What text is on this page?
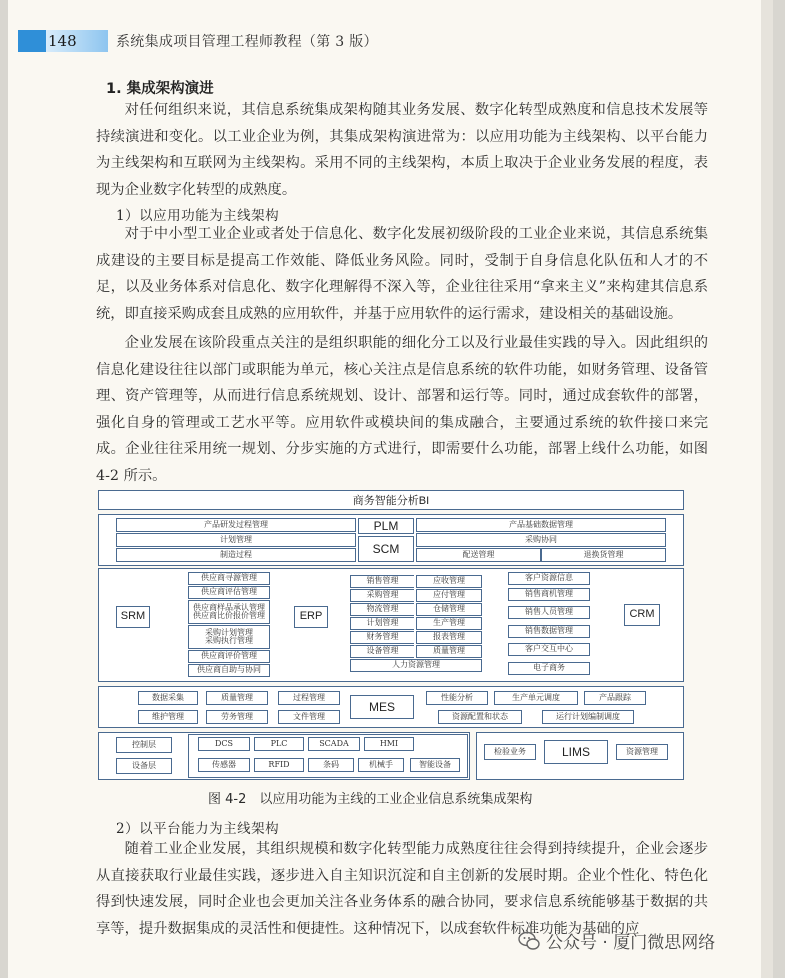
148	系统集成项目管理工程师教程（第 3 版）
1. 集成架构演进

对任何组织来说，其信息系统集成架构随其业务发展、数字化转型成熟度和信息技术发展等持续演进和变化。以工业企业为例，其集成架构演进常为：以应用功能为主线架构、以平台能力为主线架构和互联网为主线架构。采用不同的主线架构，本质上取决于企业业务发展的程度，表现为企业数字化转型的成熟度。

1）以应用功能为主线架构

对于中小型工业企业或者处于信息化、数字化发展初级阶段的工业企业来说，其信息系统集成建设的主要目标是提高工作效能、降低业务风险。同时，受制于自身信息化队伍和人才的不足，以及业务体系对信息化、数字化理解得不深入等，企业往往采用“拿来主义”来构建其信息系统，即直接采购成套且成熟的应用软件，并基于应用软件的运行需求，建设相关的基础设施。

企业发展在该阶段重点关注的是组织职能的细化分工以及行业最佳实践的导入。因此组织的信息化建设往往以部门或职能为单元，核心关注点是信息系统的软件功能，如财务管理、设备管理、资产管理等，从而进行信息系统规划、设计、部署和运行等。同时，通过成套软件的部署，强化自身的管理或工艺水平等。应用软件或模块间的集成融合，主要通过系统的软件接口来完成。企业往往采用统一规划、分步实施的方式进行，即需要什么功能，部署上线什么功能，如图 4-2 所示。

商务智能分析BI
产品研发过程管理
计划管理
制造过程
PLM
SCM
产品基础数据管理
采购协同
配送管理	退换货管理
SRM
供应商寻源管理
供应商评估管理
供应商样品承认管理
供应商比价报价管理
采购计划管理
采购执行管理
供应商评价管理
供应商自助与协同
ERP
客户资源信息
销售商机管理
销售人员管理
销售数据管理
客户交互中心
电子商务
CRM
数据采集	质量管理	过程管理
MES
性能分析	生产单元调度	产品跟踪
维护管理	劳务管理	文件管理	资源配置和状态	运行计划编制调度
控制层
设备层
DCS	PLC	SCADA	HMI
传感器	RFID	条码	机械手	智能设备
检验业务	LIMS	资源管理
销售管理	应收管理
采购管理	应付管理
物流管理	仓储管理
计划管理	生产管理
财务管理	报表管理
设备管理	质量管理
人力资源管理
图 4-2　以应用功能为主线的工业企业信息系统集成架构
2）以平台能力为主线架构

随着工业企业发展，其组织规模和数字化转型能力成熟度往往会得到持续提升，企业会逐步从直接获取行业最佳实践，逐步进入自主知识沉淀和自主创新的发展时期。企业个性化、特色化得到快速发展，同时企业也会更加关注各业务体系的融合协同，要求信息系统能够基于数据的共享等，提升数据集成的灵活性和便捷性。这种情况下，以成套软件标准功能为基础的应

公众号 · 厦门微思网络
